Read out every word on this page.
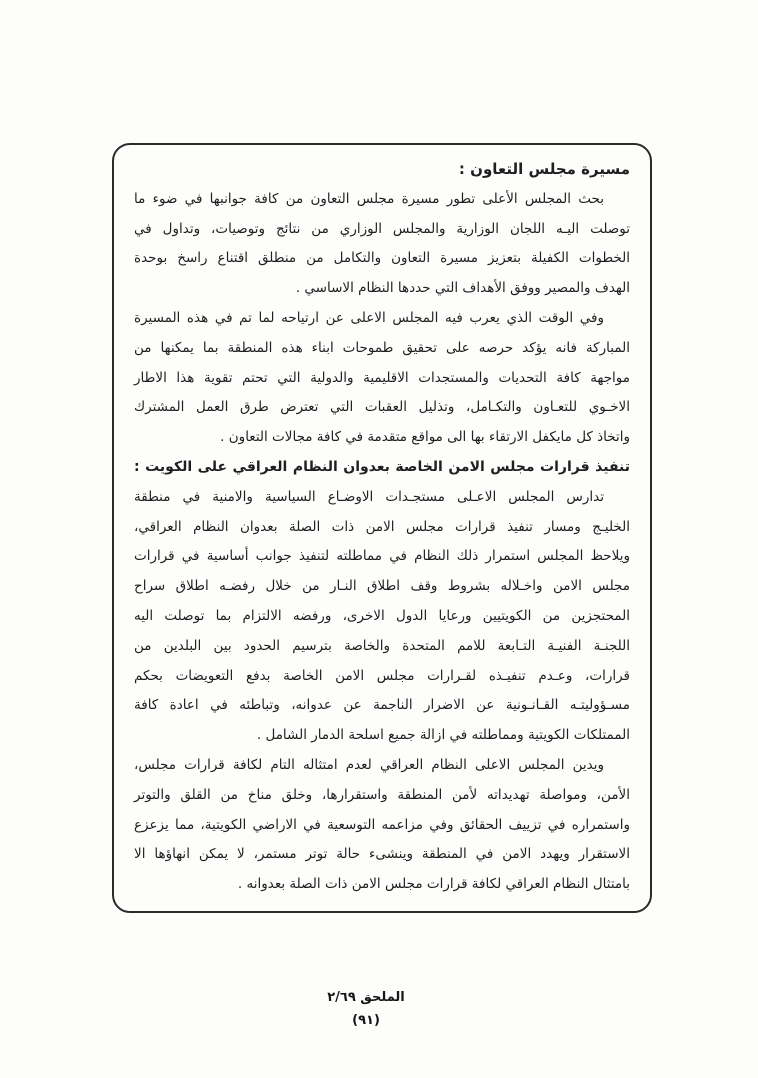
مسيرة مجلس التعاون :

بحث المجلس الأعلى تطور مسيرة مجلس التعاون من كافة جوانبها في ضوء ما

توصلت اليـه اللجان الوزارية والمجلس الوزاري من نتائج وتوصيات، وتداول في

الخطوات الكفيلة بتعزيز مسيرة التعاون والتكامل من منطلق اقتناع راسخ بوحدة

الهدف والمصير ووفق الأهداف التي حددها النظام الاساسي .

وفي الوقت الذي يعرب فيه المجلس الاعلى عن ارتياحه لما تم في هذه المسيرة

المباركة فانه يؤكد حرصه على تحقيق طموحات ابناء هذه المنطقة بما يمكنها من

مواجهة كافة التحديات والمستجدات الاقليمية والدولية التي تحتم تقوية هذا الاطار

الاخـوي للتعـاون والتكـامل، وتذليل العقبات التي تعترض طرق العمل المشترك

واتخاذ كل مايكفل الارتقاء بها الى مواقع متقدمة في كافة مجالات التعاون .

تنفيذ قرارات مجلس الامن الخاصة بعدوان النظام العراقي على الكويت :

تدارس المجلس الاعـلى مستجـدات الاوضـاع السياسية والامنية في منطقة

الخليـج ومسار تنفيذ قرارات مجلس الامن ذات الصلة بعدوان النظام العراقي،

ويلاحظ المجلس استمرار ذلك النظام في مماطلته لتنفيذ جوانب أساسية في قرارات

مجلس الامن واخـلاله بشروط وقف اطلاق النـار من خلال رفضـه اطلاق سراح

المحتجزين من الكويتيين ورعايا الدول الاخرى، ورفضه الالتزام بما توصلت اليه

اللجنـة الفنيـة التـابعة للامم المتحدة والخاصة بترسيم الحدود بين البلدين من

قرارات، وعـدم تنفيـذه لقـرارات مجلس الامن الخاصة بدفع التعويضات بحكم

مسـؤوليتـه القـانـونية عن الاضرار الناجمة عن عدوانه، وتباطئه في اعادة كافة

الممتلكات الكويتية ومماطلته في ازالة جميع اسلحة الدمار الشامل .

ويدين المجلس الاعلى النظام العراقي لعدم امتثاله التام لكافة قرارات مجلس،

الأمن، ومواصلة تهديداته لأمن المنطقة واستقرارها، وخلق مناخ من القلق والتوتر

واستمراره في تزييف الحقائق وفي مزاعمه التوسعية في الاراضي الكويتية، مما يزعزع

الاستقرار ويهدد الامن في المنطقة وينشىء حالة توتر مستمر، لا يمكن انهاؤها الا

بامتثال النظام العراقي لكافة قرارات مجلس الامن ذات الصلة بعدوانه .

الملحق ٢/٦٩
(٩١)
